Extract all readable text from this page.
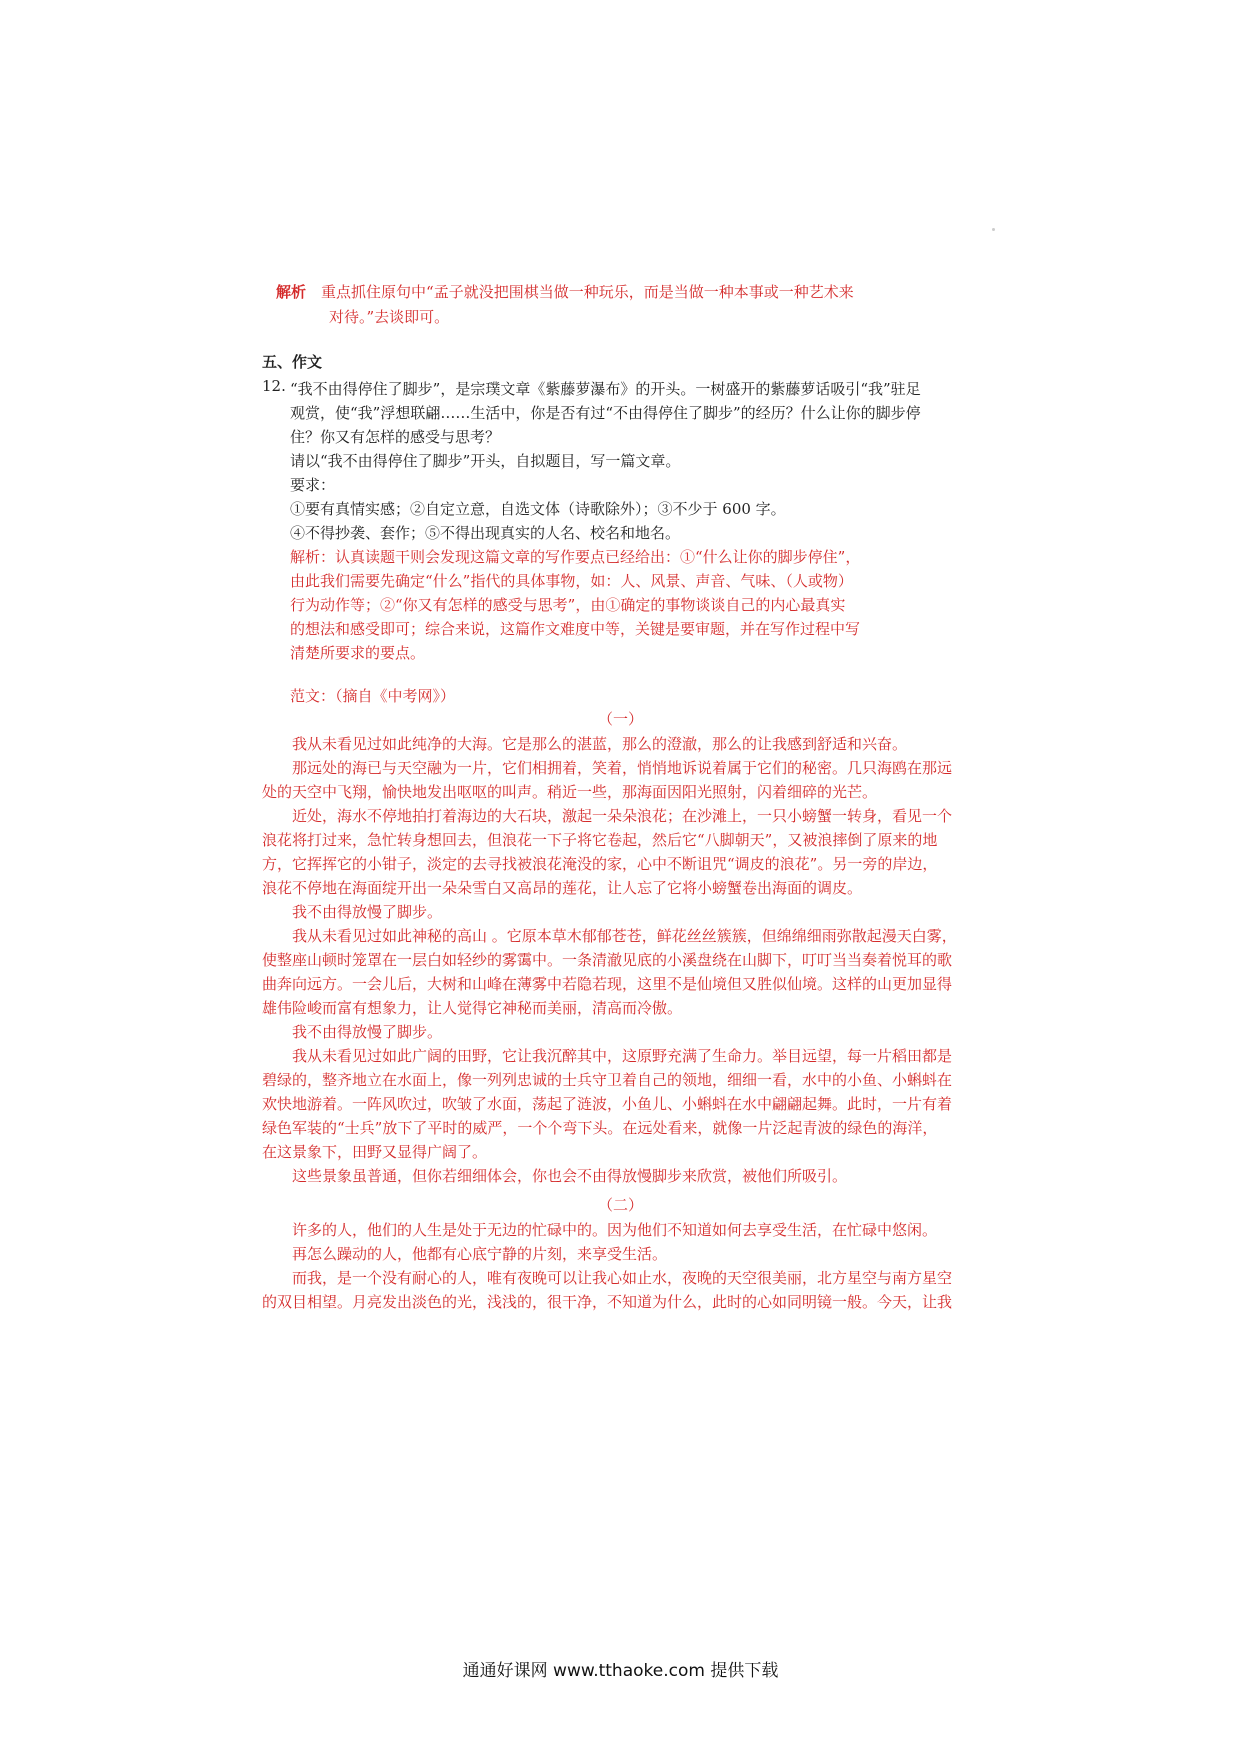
解析　 重点抓住原句中“孟子就没把围棋当做一种玩乐，而是当做一种本事或一种艺术来
对待。”去谈即可。
五、作文
12. “我不由得停住了脚步”，是宗璞文章《紫藤萝瀑布》的开头。一树盛开的紫藤萝话吸引“我”驻足
观赏，使“我”浮想联翩……生活中，你是否有过“不由得停住了脚步”的经历？什么让你的脚步停
住？你又有怎样的感受与思考？
请以“我不由得停住了脚步”开头，自拟题目，写一篇文章。
要求：
①要有真情实感；②自定立意，自选文体（诗歌除外）；③不少于 600 字。
④不得抄袭、套作；⑤不得出现真实的人名、校名和地名。
解析：认真读题干则会发现这篇文章的写作要点已经给出：①“什么让你的脚步停住”，
由此我们需要先确定“什么”指代的具体事物，如：人、风景、声音、气味、（人或物）
行为动作等；②“你又有怎样的感受与思考”，由①确定的事物谈谈自己的内心最真实
的想法和感受即可；综合来说，这篇作文难度中等，关键是要审题，并在写作过程中写
清楚所要求的要点。
范文：（摘自《中考网》）
（一）
　　我从未看见过如此纯净的大海。它是那么的湛蓝，那么的澄澈，那么的让我感到舒适和兴奋。
　　那远处的海已与天空融为一片，它们相拥着，笑着，悄悄地诉说着属于它们的秘密。几只海鸥在那远
处的天空中飞翔，愉快地发出呕呕的叫声。稍近一些，那海面因阳光照射，闪着细碎的光芒。
　　近处，海水不停地拍打着海边的大石块，激起一朵朵浪花；在沙滩上，一只小螃蟹一转身，看见一个
浪花将打过来，急忙转身想回去，但浪花一下子将它卷起，然后它“八脚朝天”，又被浪摔倒了原来的地
方，它挥挥它的小钳子，淡定的去寻找被浪花淹没的家，心中不断诅咒“调皮的浪花”。另一旁的岸边，
浪花不停地在海面绽开出一朵朵雪白又高昂的莲花，让人忘了它将小螃蟹卷出海面的调皮。
　　我不由得放慢了脚步。
　　我从未看见过如此神秘的高山 。它原本草木郁郁苍苍，鲜花丝丝簇簇，但绵绵细雨弥散起漫天白雾，
使整座山顿时笼罩在一层白如轻纱的雾霭中。一条清澈见底的小溪盘绕在山脚下，叮叮当当奏着悦耳的歌
曲奔向远方。一会儿后，大树和山峰在薄雾中若隐若现，这里不是仙境但又胜似仙境。这样的山更加显得
雄伟险峻而富有想象力，让人觉得它神秘而美丽，清高而冷傲。
　　我不由得放慢了脚步。
　　我从未看见过如此广阔的田野，它让我沉醉其中，这原野充满了生命力。举目远望，每一片稻田都是
碧绿的，整齐地立在水面上，像一列列忠诚的士兵守卫着自己的领地，细细一看，水中的小鱼、小蝌蚪在
欢快地游着。一阵风吹过，吹皱了水面，荡起了涟波，小鱼儿、小蝌蚪在水中翩翩起舞。此时，一片有着
绿色军装的“士兵”放下了平时的威严，一个个弯下头。在远处看来，就像一片泛起青波的绿色的海洋，
在这景象下，田野又显得广阔了。
　　这些景象虽普通，但你若细细体会，你也会不由得放慢脚步来欣赏，被他们所吸引。
（二）
　　许多的人，他们的人生是处于无边的忙碌中的。因为他们不知道如何去享受生活，在忙碌中悠闲。
　　再怎么躁动的人，他都有心底宁静的片刻，来享受生活。
　　而我，是一个没有耐心的人，唯有夜晚可以让我心如止水，夜晚的天空很美丽，北方星空与南方星空
的双目相望。月亮发出淡色的光，浅浅的，很干净，不知道为什么，此时的心如同明镜一般。今天，让我
通通好课网 www.tthaoke.com 提供下载
